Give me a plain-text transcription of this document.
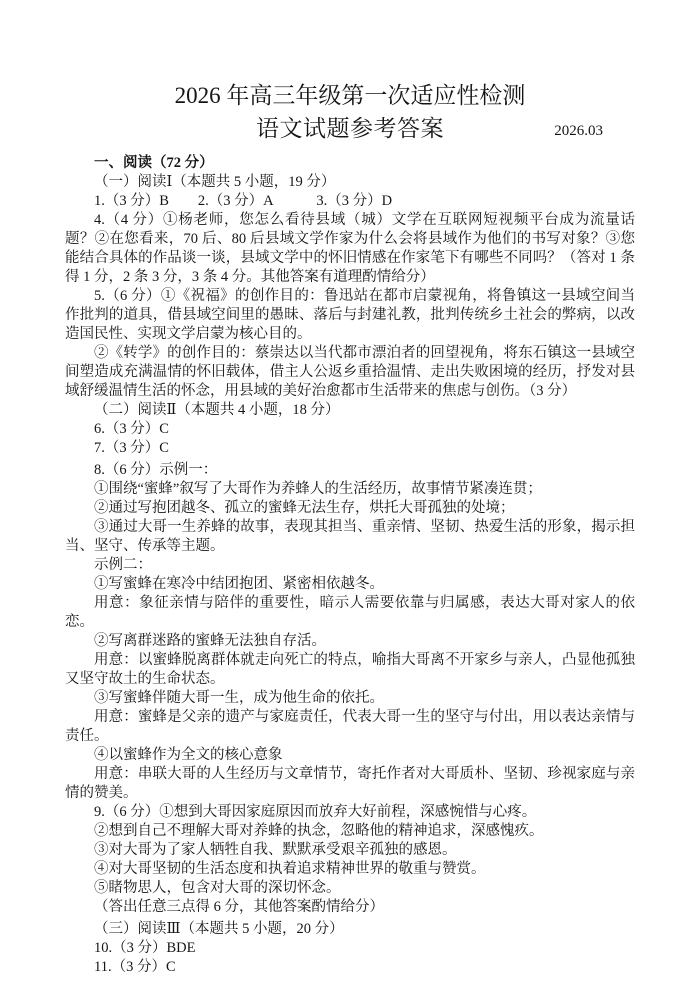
2026 年高三年级第一次适应性检测
语文试题参考答案	2026.03

一、阅读（72 分）

（一）阅读Ⅰ（本题共 5 小题，19 分）

1.（3 分）B　　2.（3 分）A　　　3.（3 分）D

4.（4 分）①杨老师，您怎么看待县域（城）文学在互联网短视频平台成为流量话题？②在您看来，70 后、80 后县域文学作家为什么会将县域作为他们的书写对象？③您能结合具体的作品谈一谈，县域文学中的怀旧情感在作家笔下有哪些不同吗？（答对 1 条得 1 分，2 条 3 分，3 条 4 分。其他答案有道理酌情给分）

5.（6 分）①《祝福》的创作目的：鲁迅站在都市启蒙视角，将鲁镇这一县域空间当作批判的道具，借县域空间里的愚昧、落后与封建礼教，批判传统乡土社会的弊病，以改造国民性、实现文学启蒙为核心目的。

②《转学》的创作目的：蔡崇达以当代都市漂泊者的回望视角，将东石镇这一县域空间塑造成充满温情的怀旧载体，借主人公返乡重拾温情、走出失败困境的经历，抒发对县域舒缓温情生活的怀念，用县域的美好治愈都市生活带来的焦虑与创伤。（3 分）

（二）阅读Ⅱ（本题共 4 小题，18 分）

6.（3 分）C

7.（3 分）C

8.（6 分）示例一：

①围绕“蜜蜂”叙写了大哥作为养蜂人的生活经历，故事情节紧凑连贯；

②通过写抱团越冬、孤立的蜜蜂无法生存，烘托大哥孤独的处境；

③通过大哥一生养蜂的故事，表现其担当、重亲情、坚韧、热爱生活的形象，揭示担当、坚守、传承等主题。

示例二：

①写蜜蜂在寒冷中结团抱团、紧密相依越冬。

用意：象征亲情与陪伴的重要性，暗示人需要依靠与归属感，表达大哥对家人的依恋。

②写离群迷路的蜜蜂无法独自存活。

用意：以蜜蜂脱离群体就走向死亡的特点，喻指大哥离不开家乡与亲人，凸显他孤独又坚守故土的生命状态。

③写蜜蜂伴随大哥一生，成为他生命的依托。

用意：蜜蜂是父亲的遗产与家庭责任，代表大哥一生的坚守与付出，用以表达亲情与责任。

④以蜜蜂作为全文的核心意象

用意：串联大哥的人生经历与文章情节，寄托作者对大哥质朴、坚韧、珍视家庭与亲情的赞美。

9.（6 分）①想到大哥因家庭原因而放弃大好前程，深感惋惜与心疼。

②想到自己不理解大哥对养蜂的执念，忽略他的精神追求，深感愧疚。

③对大哥为了家人牺牲自我、默默承受艰辛孤独的感恩。

④对大哥坚韧的生活态度和执着追求精神世界的敬重与赞赏。

⑤睹物思人，包含对大哥的深切怀念。

（答出任意三点得 6 分，其他答案酌情给分）

（三）阅读Ⅲ（本题共 5 小题，20 分）

10.（3 分）BDE

11.（3 分）C
